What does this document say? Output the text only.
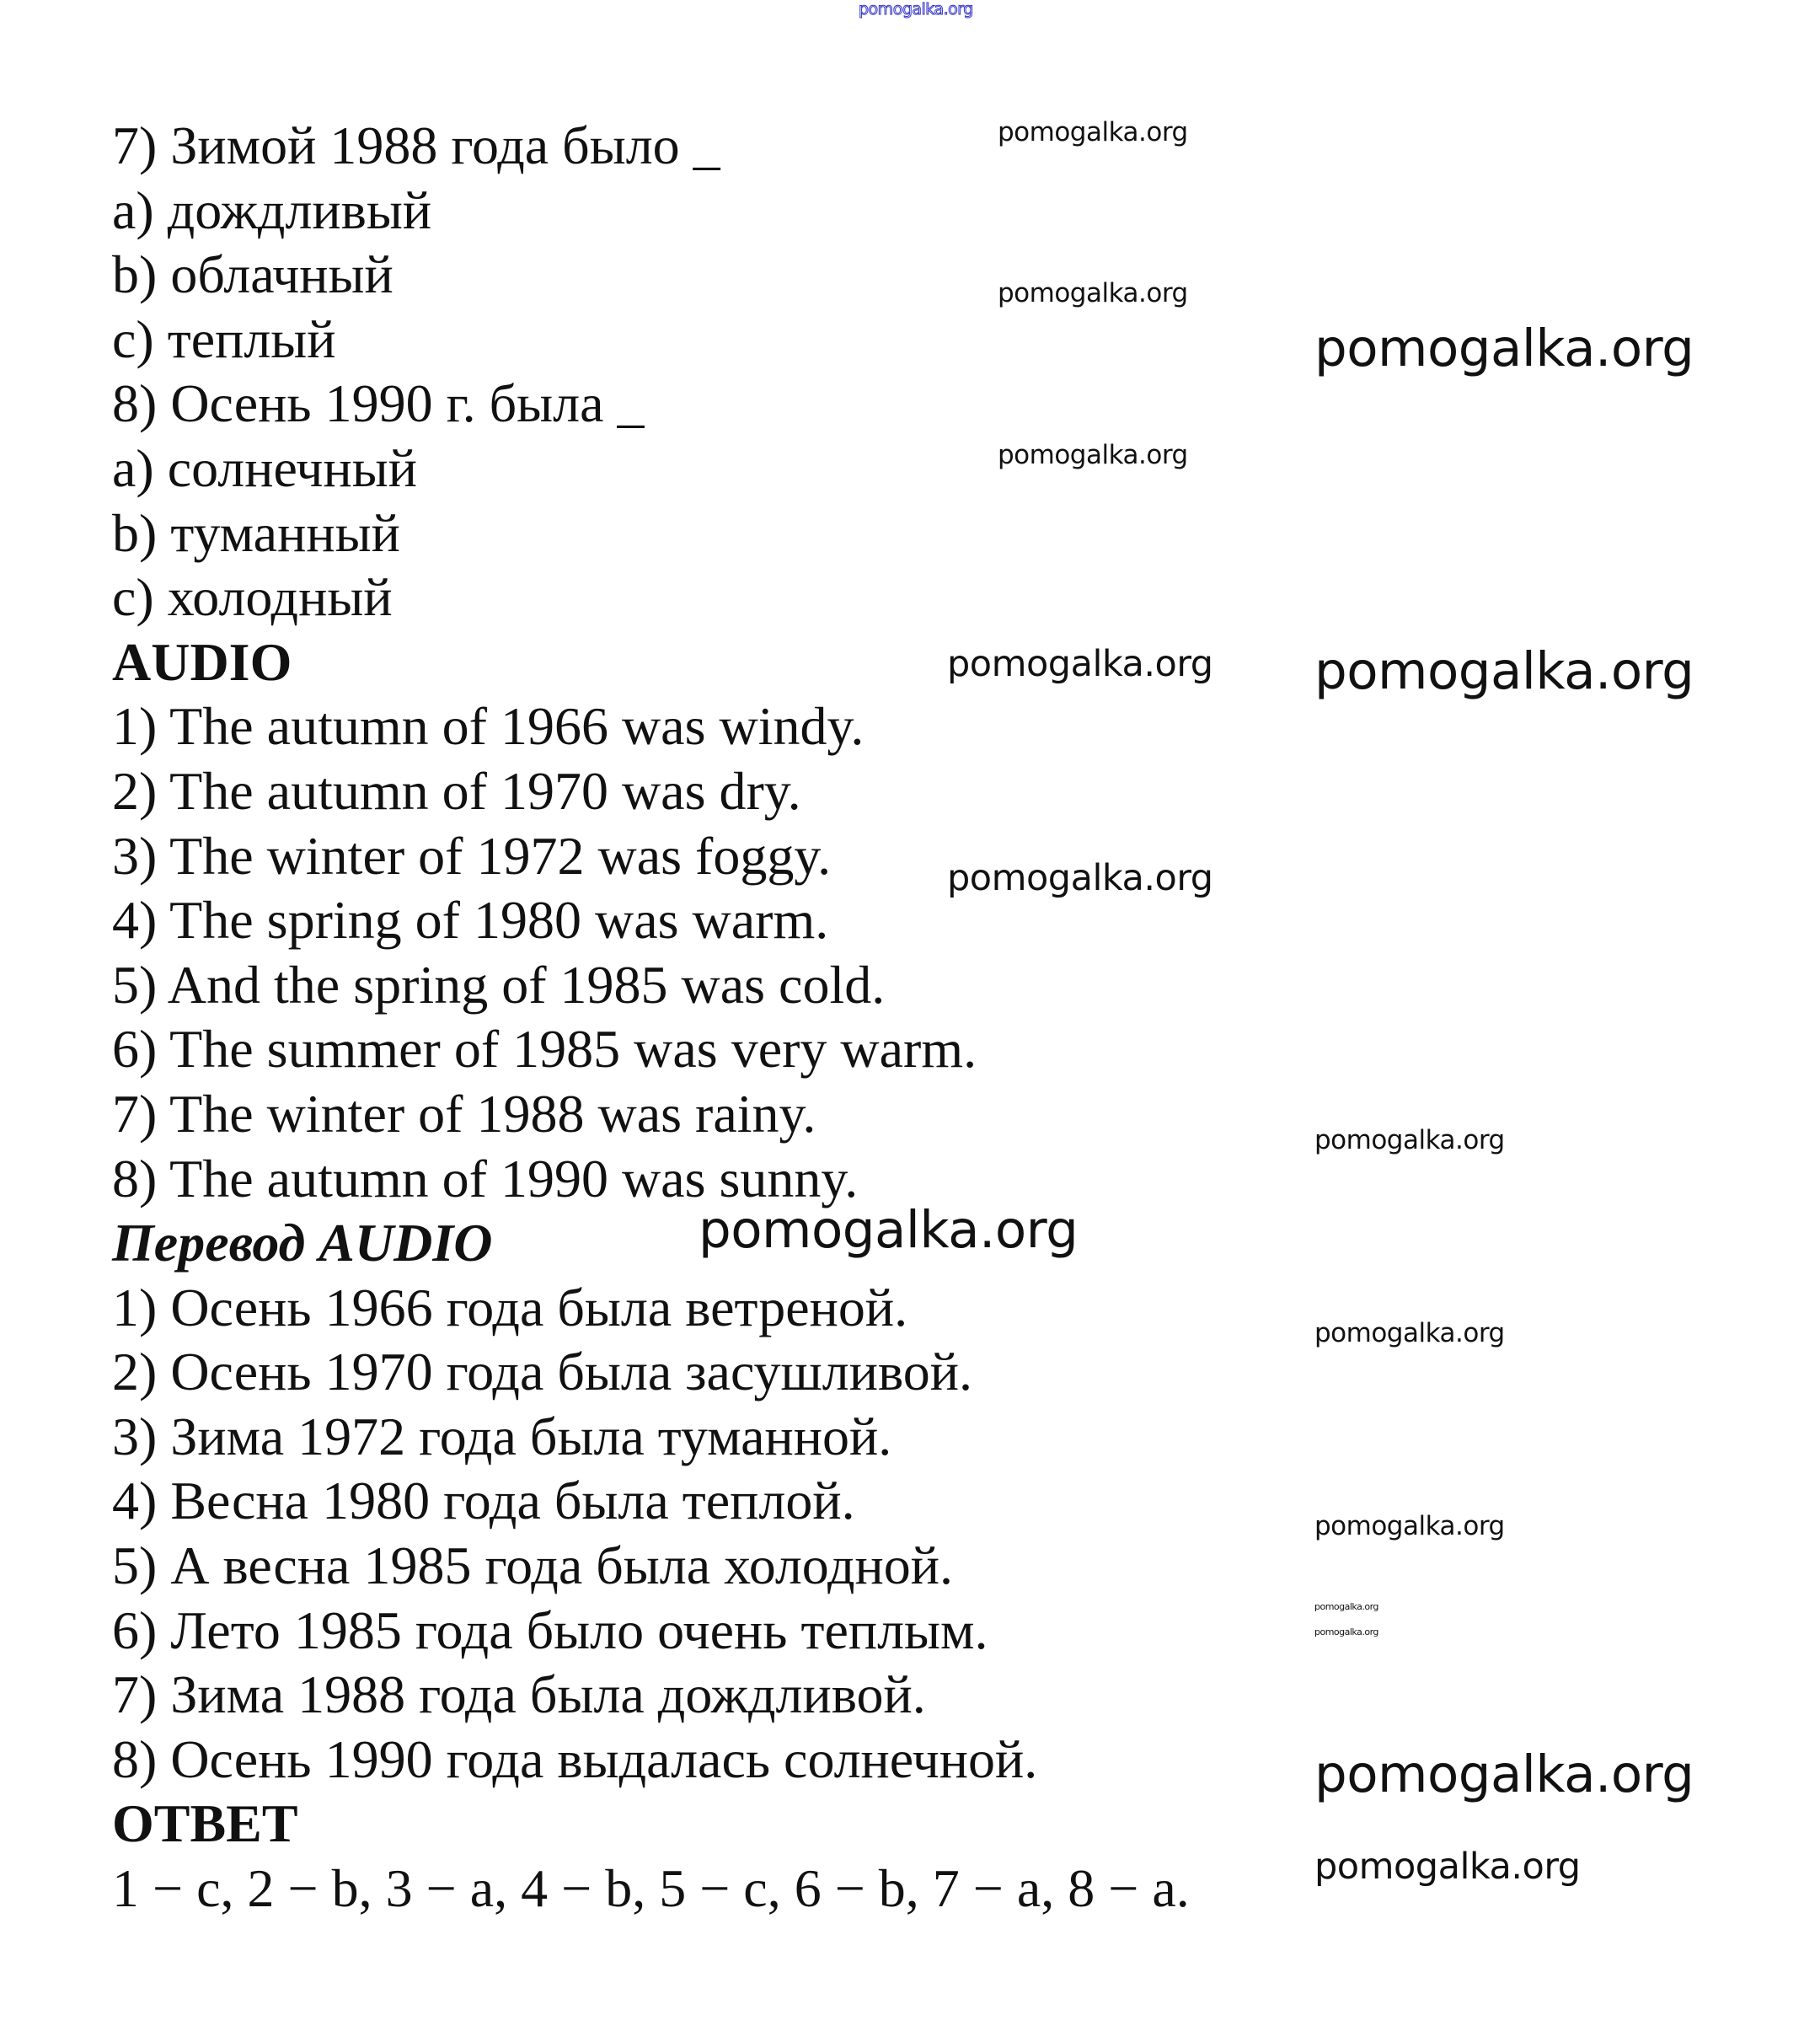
7) Зимой 1988 года было _
a) дождливый
b) облачный
c) теплый
8) Осень 1990 г. была _
a) солнечный
b) туманный
c) холодный
AUDIO
1) The autumn of 1966 was windy.
2) The autumn of 1970 was dry.
3) The winter of 1972 was foggy.
4) The spring of 1980 was warm.
5) And the spring of 1985 was cold.
6) The summer of 1985 was very warm.
7) The winter of 1988 was rainy.
8) The autumn of 1990 was sunny.
Перевод AUDIO
1) Осень 1966 года была ветреной.
2) Осень 1970 года была засушливой.
3) Зима 1972 года была туманной.
4) Весна 1980 года была теплой.
5) А весна 1985 года была холодной.
6) Лето 1985 года было очень теплым.
7) Зима 1988 года была дождливой.
8) Осень 1990 года выдалась солнечной.
ОТВЕТ
1 − c, 2 − b, 3 − a, 4 − b, 5 − c, 6 − b, 7 − a, 8 − a.
pomogalka.org
pomogalka.org
pomogalka.org
pomogalka.org
pomogalka.org
pomogalka.org
pomogalka.org
pomogalka.org
pomogalka.org
pomogalka.org
pomogalka.org
pomogalka.org
pomogalka.org
pomogalka.org
pomogalka.org
pomogalka.org
